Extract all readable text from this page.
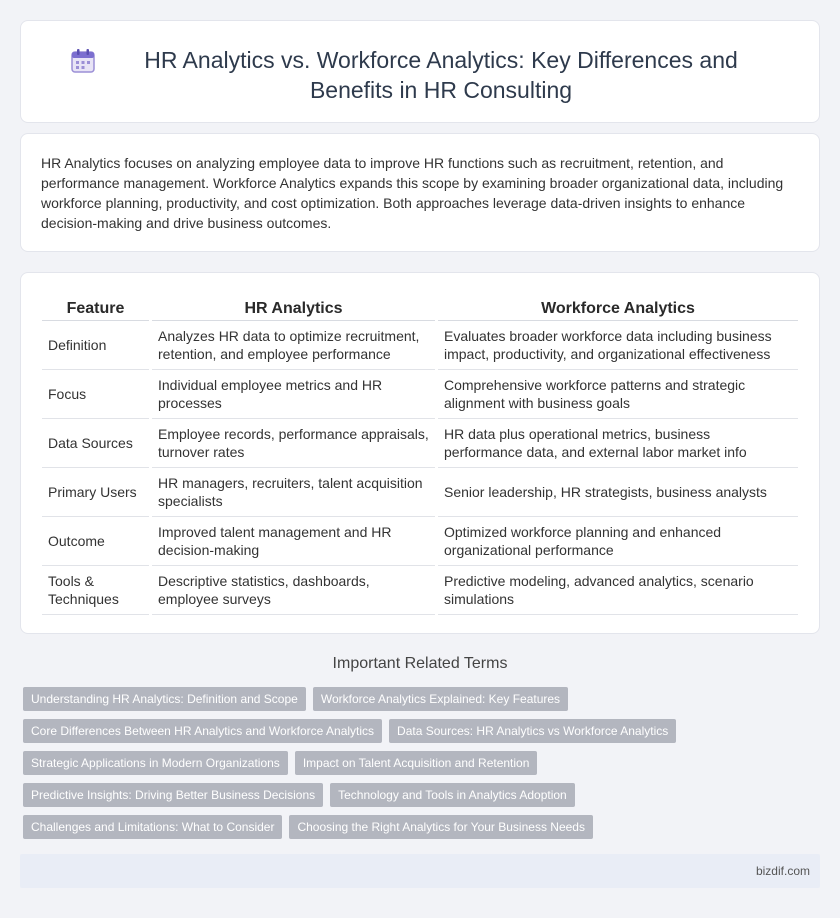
HR Analytics vs. Workforce Analytics: Key Differences and Benefits in HR Consulting

HR Analytics focuses on analyzing employee data to improve HR functions such as recruitment, retention, and performance management. Workforce Analytics expands this scope by examining broader organizational data, including workforce planning, productivity, and cost optimization. Both approaches leverage data-driven insights to enhance decision-making and drive business outcomes.

Feature		HR Analytics		Workforce Analytics
Definition		Analyzes HR data to optimize recruitment, retention, and employee performance		Evaluates broader workforce data including business impact, productivity, and organizational effectiveness
Focus		Individual employee metrics and HR processes		Comprehensive workforce patterns and strategic alignment with business goals
Data Sources		Employee records, performance appraisals, turnover rates		HR data plus operational metrics, business performance data, and external labor market info
Primary Users		HR managers, recruiters, talent acquisition specialists		Senior leadership, HR strategists, business analysts
Outcome		Improved talent management and HR decision-making		Optimized workforce planning and enhanced organizational performance
Tools & Techniques		Descriptive statistics, dashboards, employee surveys		Predictive modeling, advanced analytics, scenario simulations
Important Related Terms
Understanding HR Analytics: Definition and Scope	Workforce Analytics Explained: Key Features
Core Differences Between HR Analytics and Workforce Analytics	Data Sources: HR Analytics vs Workforce Analytics
Strategic Applications in Modern Organizations	Impact on Talent Acquisition and Retention
Predictive Insights: Driving Better Business Decisions	Technology and Tools in Analytics Adoption
Challenges and Limitations: What to Consider	Choosing the Right Analytics for Your Business Needs
bizdif.com
